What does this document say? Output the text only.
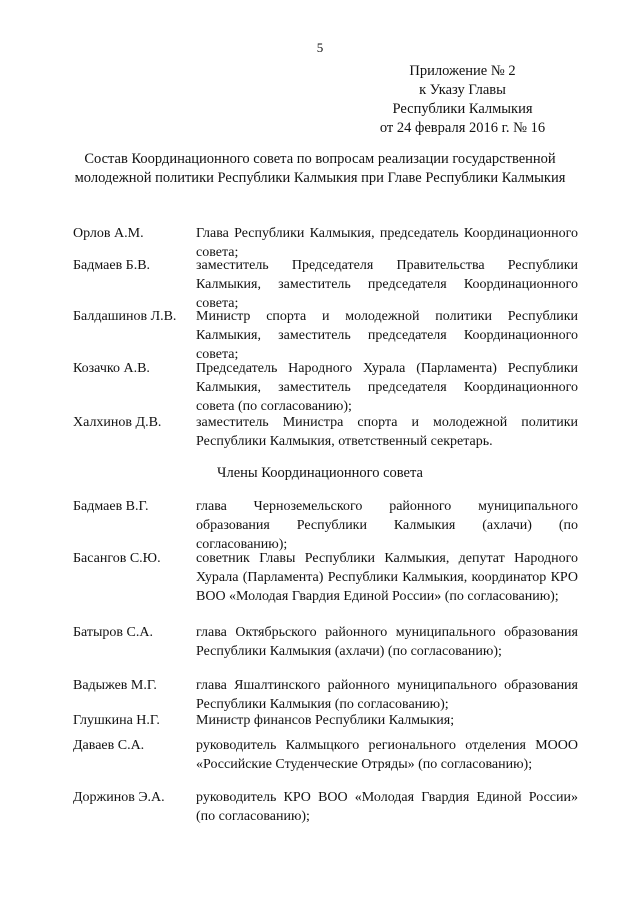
5
Приложение № 2
к Указу Главы
Республики Калмыкия
от 24 февраля 2016 г. № 16
Состав Координационного совета по вопросам реализации государственной молодежной политики Республики Калмыкия при Главе Республики Калмыкия
Орлов А.М.	Глава Республики Калмыкия, председатель Координационного совета;
Бадмаев Б.В.	заместитель Председателя Правительства Республики Калмыкия, заместитель председателя Координационного совета;
Балдашинов Л.В. Министр спорта и молодежной политики Республики Калмыкия, заместитель председателя Координационного совета;
Козачко А.В.	Председатель Народного Хурала (Парламента) Республики Калмыкия, заместитель председателя Координационного совета (по согласованию);
Халхинов Д.В. заместитель Министра спорта и молодежной политики Республики Калмыкия, ответственный секретарь.
Члены Координационного совета
Бадмаев В.Г.	глава Черноземельского районного муниципального образования Республики Калмыкия (ахлачи) (по согласованию);
Басангов С.Ю.	советник Главы Республики Калмыкия, депутат Народного Хурала (Парламента) Республики Калмыкия, координатор КРО ВОО «Молодая Гвардия Единой России» (по согласованию);
Батыров С.А.	глава Октябрьского районного муниципального образования Республики Калмыкия (ахлачи) (по согласованию);
Вадыжев М.Г.	глава Яшалтинского районного муниципального образования Республики Калмыкия (по согласованию);
Глушкина Н.Г.	Министр финансов Республики Калмыкия;
Даваев С.А.	руководитель Калмыцкого регионального отделения МООО «Российские Студенческие Отряды» (по согласованию);
Доржинов Э.А. руководитель КРО ВОО «Молодая Гвардия Единой России» (по согласованию);
